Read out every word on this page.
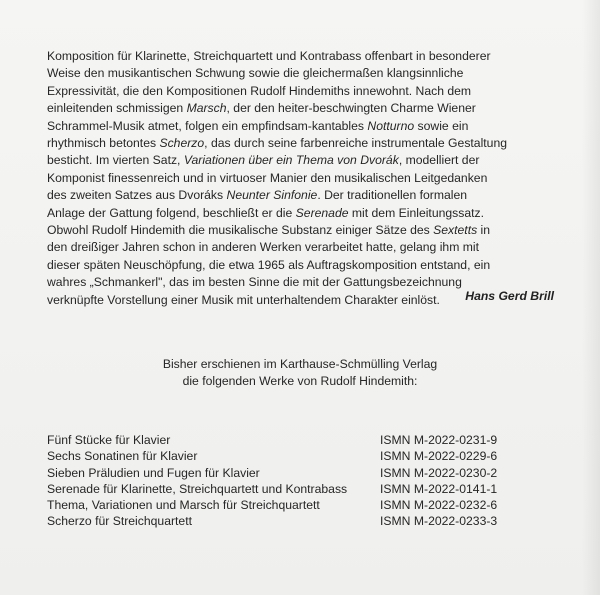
Komposition für Klarinette, Streichquartett und Kontrabass offenbart in besonderer
Weise den musikantischen Schwung sowie die gleichermaßen klangsinnliche
Expressivität, die den Kompositionen Rudolf Hindemiths innewohnt. Nach dem
einleitenden schmissigen Marsch, der den heiter-beschwingten Charme Wiener
Schrammel-Musik atmet, folgen ein empfindsam-kantables Notturno sowie ein
rhythmisch betontes Scherzo, das durch seine farbenreiche instrumentale Gestaltung
besticht. Im vierten Satz, Variationen über ein Thema von Dvorák, modelliert der
Komponist finessenreich und in virtuoser Manier den musikalischen Leitgedanken
des zweiten Satzes aus Dvoráks Neunter Sinfonie. Der traditionellen formalen
Anlage der Gattung folgend, beschließt er die Serenade mit dem Einleitungssatz.
Obwohl Rudolf Hindemith die musikalische Substanz einiger Sätze des Sextetts in
den dreißiger Jahren schon in anderen Werken verarbeitet hatte, gelang ihm mit
dieser späten Neuschöpfung, die etwa 1965 als Auftragskomposition entstand, ein
wahres „Schmankerl", das im besten Sinne die mit der Gattungsbezeichnung
verknüpfte Vorstellung einer Musik mit unterhaltendem Charakter einlöst.	Hans Gerd Brill
Bisher erschienen im Karthause-Schmülling Verlag
die folgenden Werke von Rudolf Hindemith:
Fünf Stücke für Klavier	ISMN M-2022-0231-9
Sechs Sonatinen für Klavier	ISMN M-2022-0229-6
Sieben Präludien und Fugen für Klavier	ISMN M-2022-0230-2
Serenade für Klarinette, Streichquartett und Kontrabass	ISMN M-2022-0141-1
Thema, Variationen und Marsch für Streichquartett	ISMN M-2022-0232-6
Scherzo für Streichquartett	ISMN M-2022-0233-3
